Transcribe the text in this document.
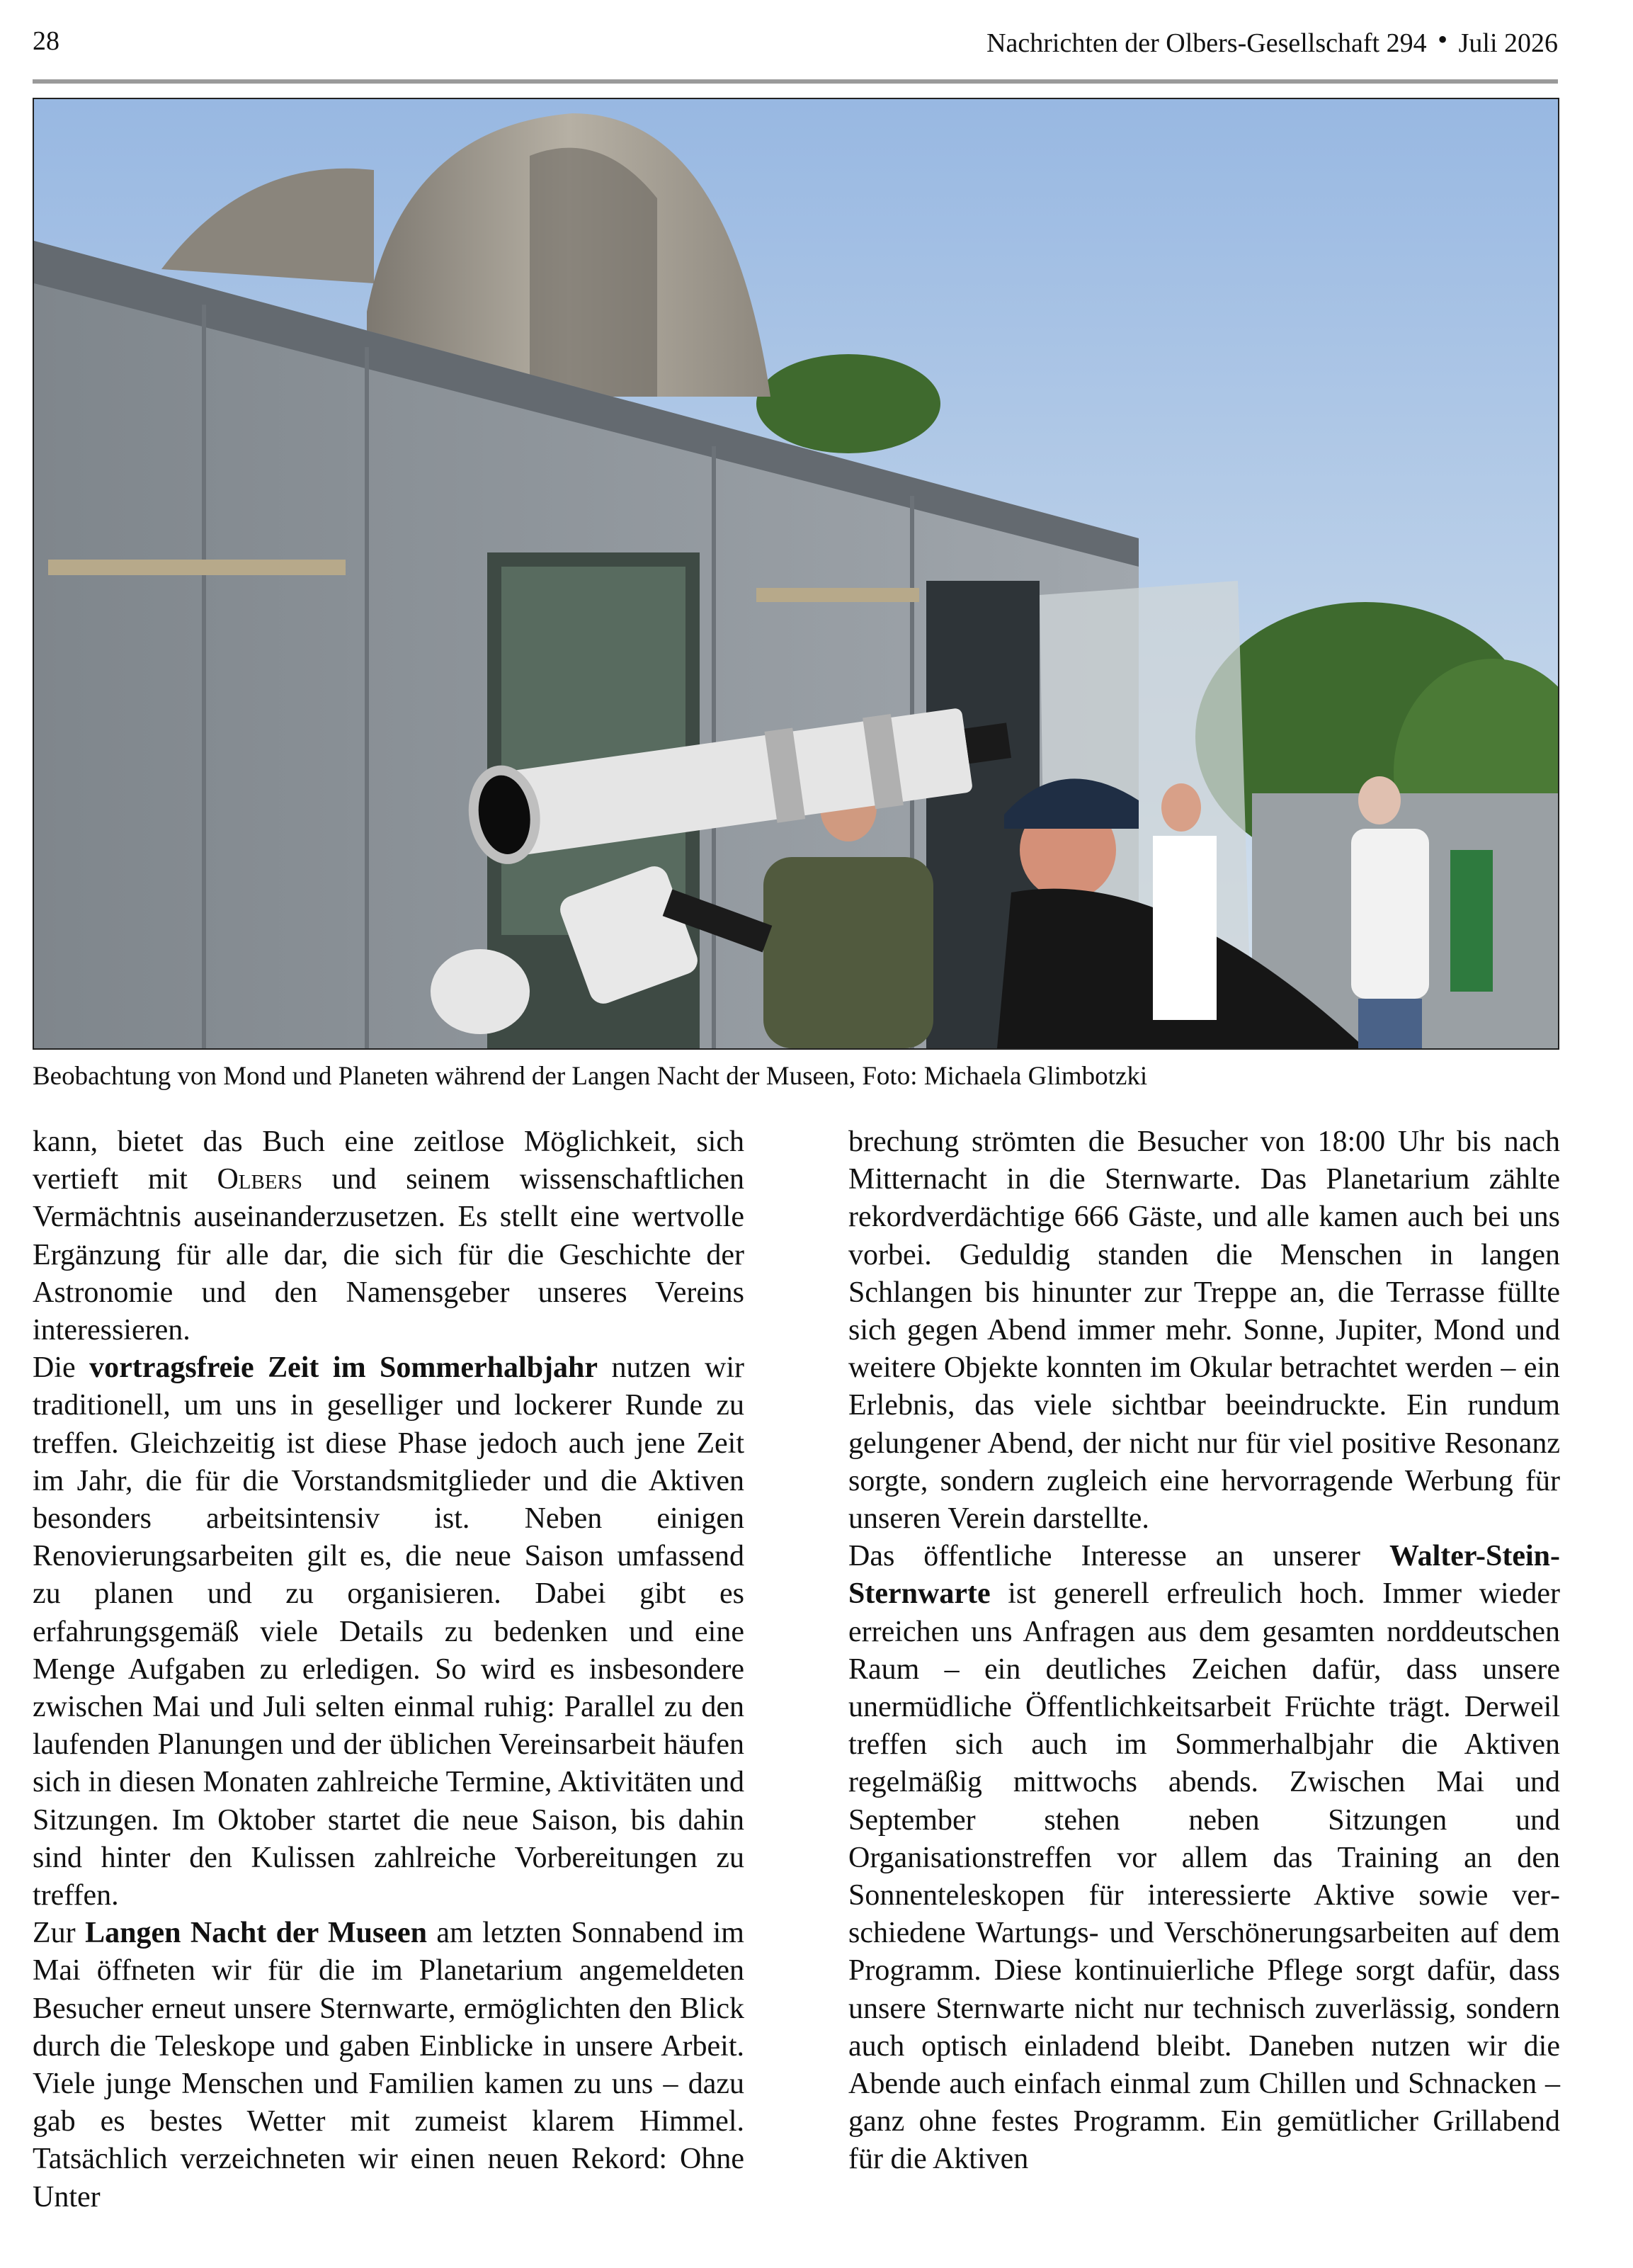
28	Nachrichten der Olbers-Gesellschaft 294 • Juli 2026
Beobachtung von Mond und Planeten während der Langen Nacht der Museen, Foto: Michaela Glimbotzki

kann, bietet das Buch eine zeitlose Möglichkeit, sich vertieft mit Olbers und seinem wissenschaftlichen Vermächtnis auseinanderzusetzen. Es stellt eine wertvolle Ergänzung für alle dar, die sich für die Geschichte der Astronomie und den Namensgeber unseres Vereins interessieren.

Die vortragsfreie Zeit im Sommerhalbjahr nutzen wir traditionell, um uns in geselliger und lockerer Runde zu treffen. Gleichzeitig ist diese Phase jedoch auch jene Zeit im Jahr, die für die Vorstandsmitglieder und die Aktiven besonders arbeitsintensiv ist. Neben einigen Renovierungsarbeiten gilt es, die neue Saison umfassend zu planen und zu organisieren. Dabei gibt es erfahrungsgemäß viele Details zu bedenken und eine Menge Aufgaben zu erledigen. So wird es insbesondere zwischen Mai und Juli selten einmal ruhig: Parallel zu den laufenden Planungen und der üblichen Vereinsarbeit häufen sich in diesen Monaten zahlreiche Termine, Aktivitäten und Sitzungen. Im Oktober startet die neue Saison, bis dahin sind hinter den Kulissen zahlreiche Vorbereitungen zu treffen.

Zur Langen Nacht der Museen am letzten Sonnabend im Mai öffneten wir für die im Planetarium angemeldeten Besucher erneut unsere Sternwarte, ermöglichten den Blick durch die Teleskope und gaben Einblicke in unsere Arbeit. Viele junge Menschen und Familien kamen zu uns – dazu gab es bestes Wetter mit zumeist klarem Himmel. Tatsächlich verzeichneten wir einen neuen Rekord: Ohne Unter

brechung strömten die Besucher von 18:00 Uhr bis nach Mitternacht in die Sternwarte. Das Planetarium zählte rekordverdächtige 666 Gäste, und alle kamen auch bei uns vorbei. Geduldig standen die Menschen in langen Schlangen bis hinunter zur Treppe an, die Terrasse füllte sich gegen Abend immer mehr. Sonne, Jupiter, Mond und weitere Objekte konnten im Okular betrachtet werden – ein Erlebnis, das viele sichtbar beeindruckte. Ein rundum gelungener Abend, der nicht nur für viel positive Resonanz sorgte, sondern zugleich eine hervorragende Werbung für unseren Verein darstellte.

Das öffentliche Interesse an unserer Walter-Stein-Sternwarte ist generell erfreulich hoch. Immer wieder erreichen uns Anfragen aus dem gesamten norddeutschen Raum – ein deutliches Zeichen dafür, dass unsere unermüdliche Öffentlichkeitsarbeit Früchte trägt. Derweil treffen sich auch im Sommerhalbjahr die Aktiven regelmäßig mittwochs abends. Zwischen Mai und September stehen neben Sitzungen und Organisationstreffen vor allem das Training an den Sonnenteleskopen für interessierte Aktive sowie verschiedene Wartungs- und Verschönerungsarbeiten auf dem Programm. Diese kontinuierliche Pflege sorgt dafür, dass unsere Sternwarte nicht nur technisch zuverlässig, sondern auch optisch einladend bleibt. Daneben nutzen wir die Abende auch einfach einmal zum Chillen und Schnacken – ganz ohne festes Programm. Ein gemütlicher Grillabend für die Aktiven
